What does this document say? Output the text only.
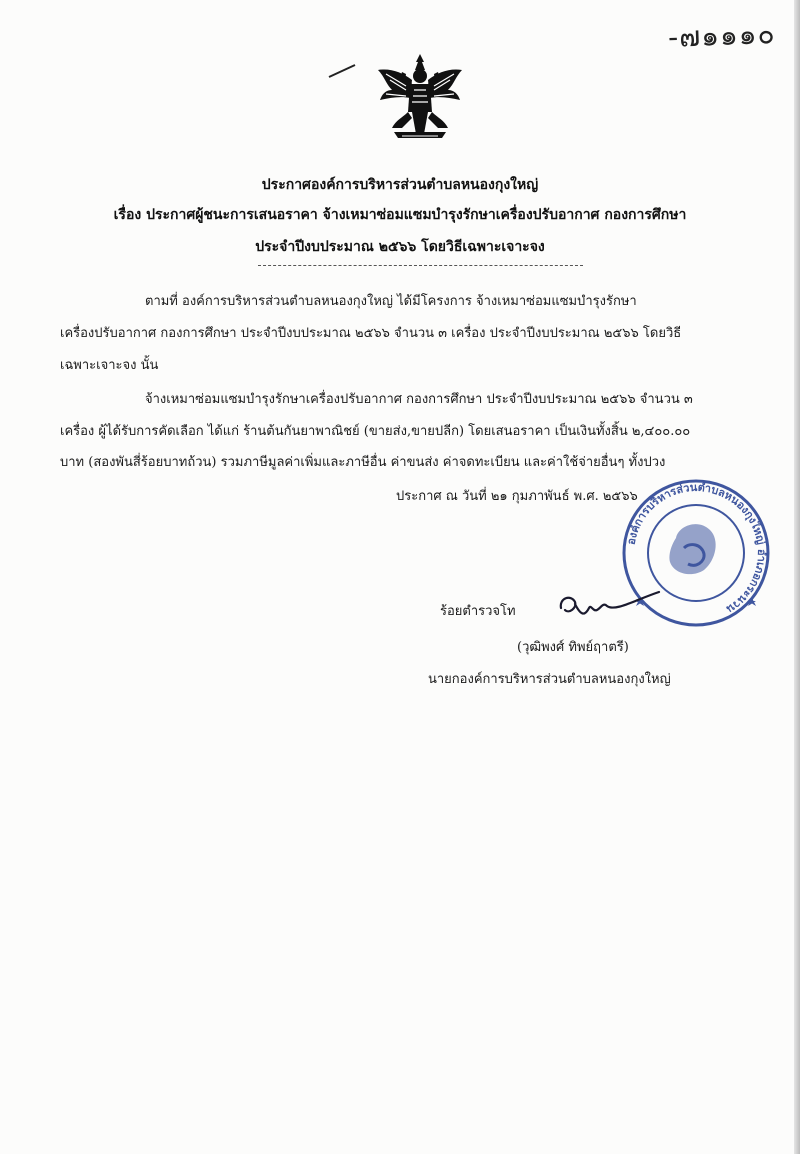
-๗๑๑๑๐
ประกาศองค์การบริหารส่วนตำบลหนองกุงใหญ่
เรื่อง ประกาศผู้ชนะการเสนอราคา จ้างเหมาซ่อมแซมบำรุงรักษาเครื่องปรับอากาศ กองการศึกษา
ประจำปีงบประมาณ ๒๕๖๖ โดยวิธีเฉพาะเจาะจง
ตามที่ องค์การบริหารส่วนตำบลหนองกุงใหญ่ ได้มีโครงการ จ้างเหมาซ่อมแซมบำรุงรักษา
เครื่องปรับอากาศ กองการศึกษา ประจำปีงบประมาณ ๒๕๖๖ จำนวน ๓ เครื่อง ประจำปีงบประมาณ ๒๕๖๖ โดยวิธี
เฉพาะเจาะจง นั้น
จ้างเหมาซ่อมแซมบำรุงรักษาเครื่องปรับอากาศ กองการศึกษา ประจำปีงบประมาณ ๒๕๖๖ จำนวน ๓
เครื่อง ผู้ได้รับการคัดเลือก ได้แก่ ร้านต้นกันยาพาณิชย์ (ขายส่ง,ขายปลีก) โดยเสนอราคา เป็นเงินทั้งสิ้น ๒,๔๐๐.๐๐
บาท (สองพันสี่ร้อยบาทถ้วน) รวมภาษีมูลค่าเพิ่มและภาษีอื่น ค่าขนส่ง ค่าจดทะเบียน และค่าใช้จ่ายอื่นๆ ทั้งปวง
ประกาศ ณ วันที่ ๒๑ กุมภาพันธ์ พ.ศ. ๒๕๖๖
องค์การบริหารส่วนตำบลหนองกุงใหญ่ อำเภอกระนวน
ร้อยตำรวจโท
(วุฒิพงศ์ ทิพย์ฤาตรี)
นายกองค์การบริหารส่วนตำบลหนองกุงใหญ่
